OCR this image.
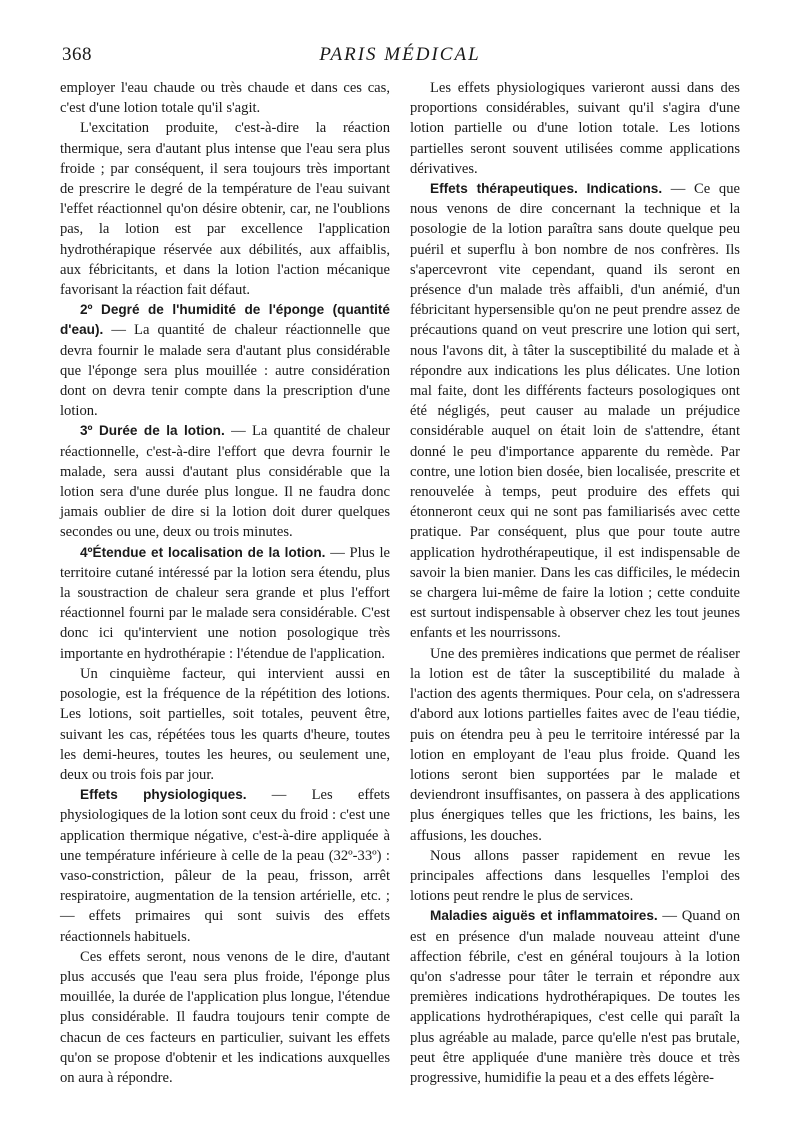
368	PARIS MÉDICAL

employer l'eau chaude ou très chaude et dans ces cas, c'est d'une lotion totale qu'il s'agit.

L'excitation produite, c'est-à-dire la réaction thermique, sera d'autant plus intense que l'eau sera plus froide ; par conséquent, il sera toujours très important de prescrire le degré de la température de l'eau suivant l'effet réactionnel qu'on désire obtenir, car, ne l'oublions pas, la lotion est par excellence l'application hydrothérapique réservée aux débilités, aux affaiblis, aux fébricitants, et dans la lotion l'action mécanique favorisant la réaction fait défaut.

2º Degré de l'humidité de l'éponge (quantité d'eau). — La quantité de chaleur réactionnelle que devra fournir le malade sera d'autant plus considérable que l'éponge sera plus mouillée : autre considération dont on devra tenir compte dans la prescription d'une lotion.

3º Durée de la lotion. — La quantité de chaleur réactionnelle, c'est-à-dire l'effort que devra fournir le malade, sera aussi d'autant plus considérable que la lotion sera d'une durée plus longue. Il ne faudra donc jamais oublier de dire si la lotion doit durer quelques secondes ou une, deux ou trois minutes.

4ºÉtendue et localisation de la lotion. — Plus le territoire cutané intéressé par la lotion sera étendu, plus la soustraction de chaleur sera grande et plus l'effort réactionnel fourni par le malade sera considérable. C'est donc ici qu'intervient une notion posologique très importante en hydrothérapie : l'étendue de l'application.

Un cinquième facteur, qui intervient aussi en posologie, est la fréquence de la répétition des lotions. Les lotions, soit partielles, soit totales, peuvent être, suivant les cas, répétées tous les quarts d'heure, toutes les demi-heures, toutes les heures, ou seulement une, deux ou trois fois par jour.

Effets physiologiques. — Les effets physiologiques de la lotion sont ceux du froid : c'est une application thermique négative, c'est-à-dire appliquée à une température inférieure à celle de la peau (32º-33º) : vaso-constriction, pâleur de la peau, frisson, arrêt respiratoire, augmentation de la tension artérielle, etc. ; — effets primaires qui sont suivis des effets réactionnels habituels.

Ces effets seront, nous venons de le dire, d'autant plus accusés que l'eau sera plus froide, l'éponge plus mouillée, la durée de l'application plus longue, l'étendue plus considérable. Il faudra toujours tenir compte de chacun de ces facteurs en particulier, suivant les effets qu'on se propose d'obtenir et les indications auxquelles on aura à répondre.

Les effets physiologiques varieront aussi dans des proportions considérables, suivant qu'il s'agira d'une lotion partielle ou d'une lotion totale. Les lotions partielles seront souvent utilisées comme applications dérivatives.

Effets thérapeutiques. Indications. — Ce que nous venons de dire concernant la technique et la posologie de la lotion paraîtra sans doute quelque peu puéril et superflu à bon nombre de nos confrères. Ils s'apercevront vite cependant, quand ils seront en présence d'un malade très affaibli, d'un anémié, d'un fébricitant hypersensible qu'on ne peut prendre assez de précautions quand on veut prescrire une lotion qui sert, nous l'avons dit, à tâter la susceptibilité du malade et à répondre aux indications les plus délicates. Une lotion mal faite, dont les différents facteurs posologiques ont été négligés, peut causer au malade un préjudice considérable auquel on était loin de s'attendre, étant donné le peu d'importance apparente du remède. Par contre, une lotion bien dosée, bien localisée, prescrite et renouvelée à temps, peut produire des effets qui étonneront ceux qui ne sont pas familiarisés avec cette pratique. Par conséquent, plus que pour toute autre application hydrothérapeutique, il est indispensable de savoir la bien manier. Dans les cas difficiles, le médecin se chargera lui-même de faire la lotion ; cette conduite est surtout indispensable à observer chez les tout jeunes enfants et les nourrissons.

Une des premières indications que permet de réaliser la lotion est de tâter la susceptibilité du malade à l'action des agents thermiques. Pour cela, on s'adressera d'abord aux lotions partielles faites avec de l'eau tiédie, puis on étendra peu à peu le territoire intéressé par la lotion en employant de l'eau plus froide. Quand les lotions seront bien supportées par le malade et deviendront insuffisantes, on passera à des applications plus énergiques telles que les frictions, les bains, les affusions, les douches.

Nous allons passer rapidement en revue les principales affections dans lesquelles l'emploi des lotions peut rendre le plus de services.

Maladies aiguës et inflammatoires. — Quand on est en présence d'un malade nouveau atteint d'une affection fébrile, c'est en général toujours à la lotion qu'on s'adresse pour tâter le terrain et répondre aux premières indications hydrothérapiques. De toutes les applications hydrothérapiques, c'est celle qui paraît la plus agréable au malade, parce qu'elle n'est pas brutale, peut être appliquée d'une manière très douce et très progressive, humidifie la peau et a des effets légère-
